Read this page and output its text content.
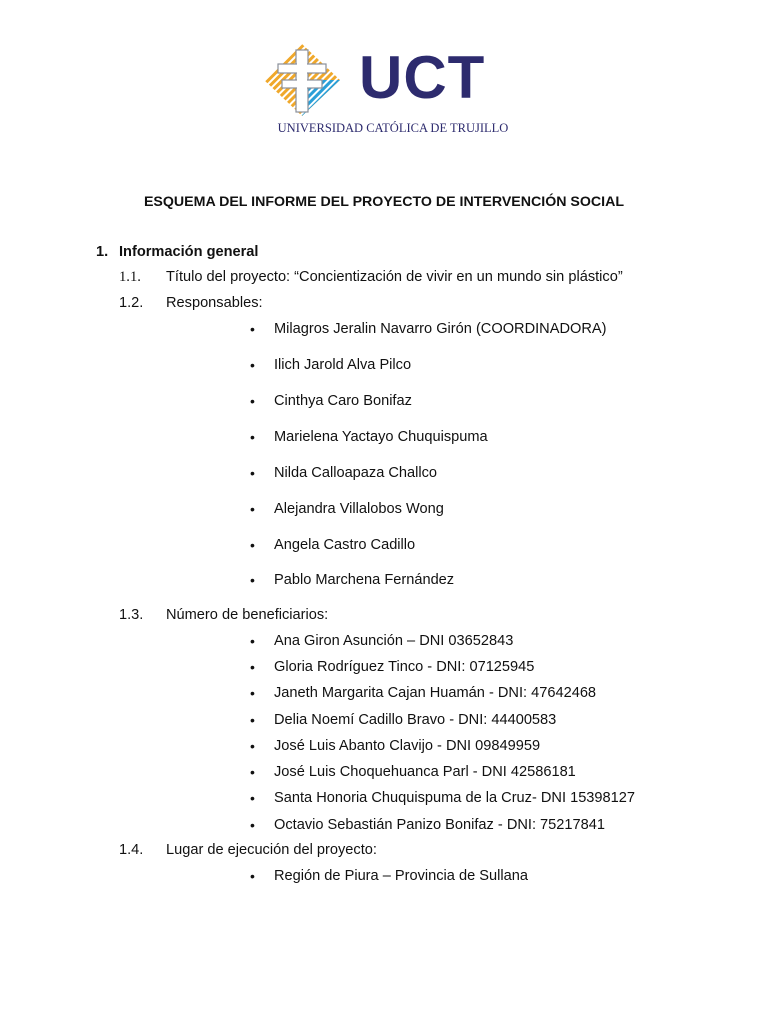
UCT
UNIVERSIDAD CATÓLICA DE TRUJILLO
ESQUEMA DEL INFORME DEL PROYECTO DE INTERVENCIÓN SOCIAL
1. Información general
1.1. Título del proyecto: “Concientización de vivir en un mundo sin plástico”
1.2. Responsables:
• Milagros Jeralin Navarro Girón (COORDINADORA)
• Ilich Jarold Alva Pilco
• Cinthya Caro Bonifaz
• Marielena Yactayo Chuquispuma
• Nilda Calloapaza Challco
• Alejandra Villalobos Wong
• Angela Castro Cadillo
• Pablo Marchena Fernández
1.3. Número de beneficiarios:
• Ana Giron Asunción – DNI 03652843
• Gloria Rodríguez Tinco - DNI: 07125945
• Janeth Margarita Cajan Huamán - DNI: 47642468
• Delia Noemí Cadillo Bravo - DNI: 44400583
• José Luis Abanto Clavijo - DNI 09849959
• José Luis Choquehuanca Parl - DNI 42586181
• Santa Honoria Chuquispuma de la Cruz- DNI 15398127
• Octavio Sebastián Panizo Bonifaz - DNI: 75217841
1.4. Lugar de ejecución del proyecto:
• Región de Piura – Provincia de Sullana
